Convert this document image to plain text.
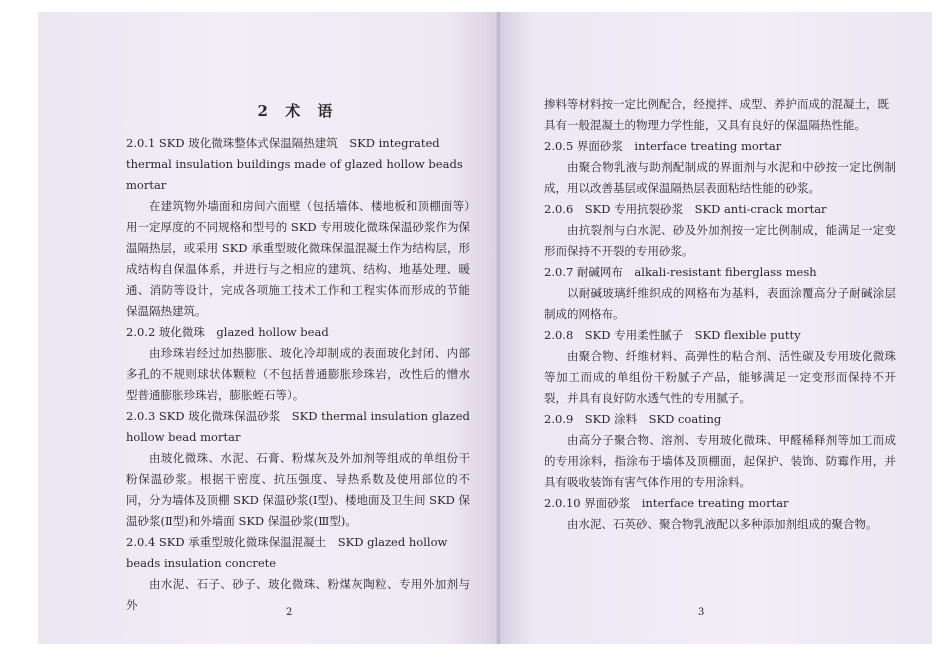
2 术 语

2.0.1 SKD 玻化微珠整体式保温隔热建筑　SKD integrated thermal insulation buildings made of glazed hollow beads mortar

在建筑物外墙面和房间六面壁（包括墙体、楼地板和顶棚面等）用一定厚度的不同规格和型号的 SKD 专用玻化微珠保温砂浆作为保温隔热层，或采用 SKD 承重型玻化微珠保温混凝土作为结构层，形成结构自保温体系，并进行与之相应的建筑、结构、地基处理、暖通、消防等设计，完成各项施工技术工作和工程实体而形成的节能保温隔热建筑。

2.0.2 玻化微珠　glazed hollow bead

由珍珠岩经过加热膨胀、玻化冷却制成的表面玻化封闭、内部多孔的不规则球状体颗粒（不包括普通膨胀珍珠岩，改性后的憎水型普通膨胀珍珠岩，膨胀蛭石等）。

2.0.3 SKD 玻化微珠保温砂浆　SKD thermal insulation glazed hollow bead mortar

由玻化微珠、水泥、石膏、粉煤灰及外加剂等组成的单组份干粉保温砂浆。根据干密度、抗压强度、导热系数及使用部位的不同，分为墙体及顶棚 SKD 保温砂浆(Ⅰ型)、楼地面及卫生间 SKD 保温砂浆(Ⅱ型)和外墙面 SKD 保温砂浆(Ⅲ型)。

2.0.4 SKD 承重型玻化微珠保温混凝土　SKD glazed hollow beads insulation concrete

由水泥、石子、砂子、玻化微珠、粉煤灰陶粒、专用外加剂与外

2

掺料等材料按一定比例配合，经搅拌、成型、养护而成的混凝土，既具有一般混凝土的物理力学性能，又具有良好的保温隔热性能。

2.0.5 界面砂浆　interface treating mortar

由聚合物乳液与助剂配制成的界面剂与水泥和中砂按一定比例制成，用以改善基层或保温隔热层表面粘结性能的砂浆。

2.0.6　SKD 专用抗裂砂浆　SKD anti-crack mortar

由抗裂剂与白水泥、砂及外加剂按一定比例制成，能满足一定变形而保持不开裂的专用砂浆。

2.0.7 耐碱网布　alkali-resistant fiberglass mesh

以耐碱玻璃纤维织成的网格布为基料，表面涂覆高分子耐碱涂层制成的网格布。

2.0.8　SKD 专用柔性腻子　SKD flexible putty

由聚合物、纤维材料、高弹性的粘合剂、活性碳及专用玻化微珠等加工而成的单组份干粉腻子产品，能够满足一定变形而保持不开裂，并具有良好防水透气性的专用腻子。

2.0.9　SKD 涂料　SKD coating

由高分子聚合物、溶剂、专用玻化微珠、甲醛稀释剂等加工而成的专用涂料，指涂布于墙体及顶棚面，起保护、装饰、防霉作用，并具有吸收装饰有害气体作用的专用涂料。

2.0.10 界面砂浆　interface treating mortar

由水泥、石英砂、聚合物乳液配以多种添加剂组成的聚合物。

3
